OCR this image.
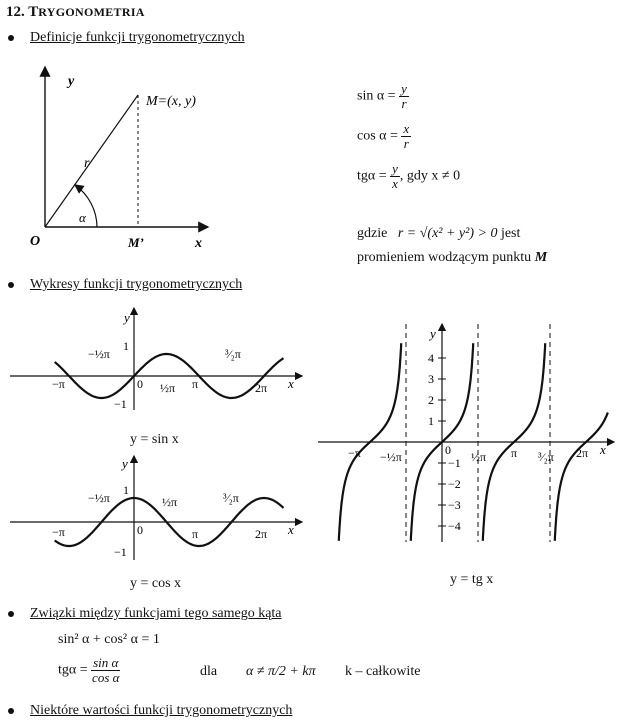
12. TRYGONOMETRIA
Definicje funkcji trygonometrycznych
y
x
O
M=(x, y)
M’
r
α
$\sin \alpha = \frac{y}{r}$
$\cos \alpha = \frac{x}{r}$
$tg\alpha = \frac{y}{x}$ , gdy x ≠ 0
gdzie r = √(x² + y²) > 0 jest
promieniem wodzącym punktu M
Wykresy funkcji trygonometrycznych
y
x
1
−1
0
−π
−½π
½π π
³⁄₂π
2π
y = sin x
y
x
1
−1
0
−π
−½π	½π
π
³⁄₂π
2π
y = cos x
y
x
0
−π −½π	½π π ³⁄₂π 2π
4
3
2
1
−1
−2
−3
−4
y = tg x
Związki między funkcjami tego samego kąta
sin² α + cos² α = 1
$tg\alpha = \frac{\text{sin α}}{\text{cos α}}$	dla α ≠ π/2 + kπ k – całkowite
Niektóre wartości funkcji trygonometrycznych
